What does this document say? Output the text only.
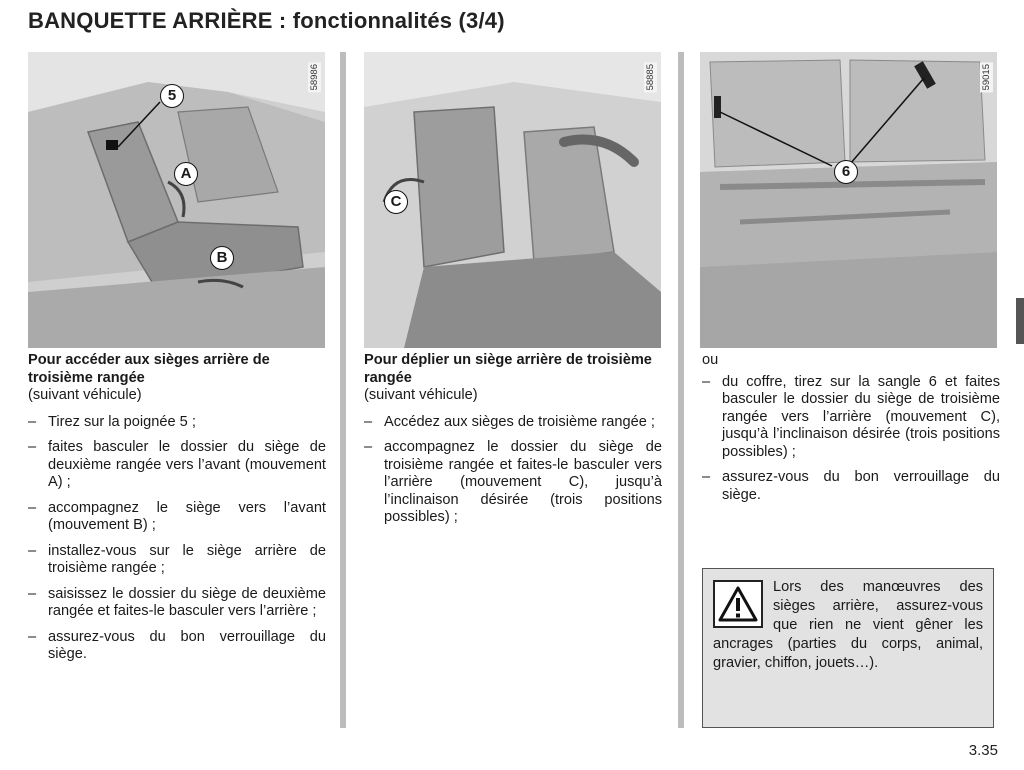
BANQUETTE ARRIÈRE : fonctionnalités (3/4)
5
A
B
58986
C
58885
6
59015
Pour accéder aux sièges arrière de troisième rangée

(suivant véhicule)

– Tirez sur la poignée 5 ;
– faites basculer le dossier du siège de deuxième rangée vers l’avant (mouvement A) ;
– accompagnez le siège vers l’avant (mouvement B) ;
– installez-vous sur le siège arrière de troisième rangée ;
– saisissez le dossier du siège de deuxième rangée et faites-le basculer vers l’arrière ;
– assurez-vous du bon verrouillage du siège.
Pour déplier un siège arrière de troisième rangée

(suivant véhicule)

– Accédez aux sièges de troisième rangée ;
– accompagnez le dossier du siège de troisième rangée et faites-le basculer vers l’arrière (mouvement C), jusqu’à l’inclinaison désirée (trois positions possibles) ;

ou

– du coffre, tirez sur la sangle 6 et faites basculer le dossier du siège de troisième rangée vers l’arrière (mouvement C), jusqu’à l’inclinaison désirée (trois positions possibles) ;
– assurez-vous du bon verrouillage du siège.
Lors des manœuvres des sièges arrière, assurez-vous que rien ne vient gêner les ancrages (parties du corps, animal, gravier, chiffon, jouets…).
3.35
